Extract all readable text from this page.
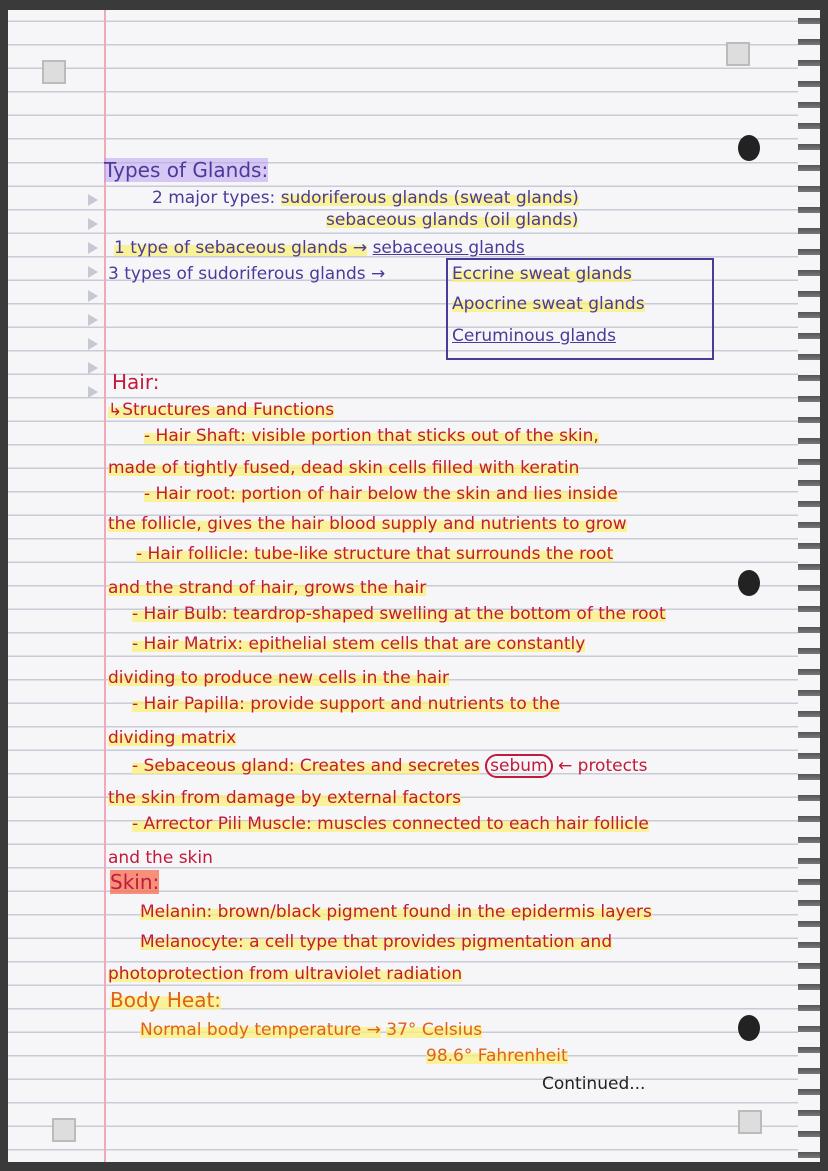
Types of Glands:
2 major types: sudoriferous glands (sweat glands)
sebaceous glands (oil glands)
1 type of sebaceous glands → sebaceous glands
3 types of sudoriferous glands →	Eccrine sweat glands
Apocrine sweat glands
Ceruminous glands
Hair:
↳Structures and Functions
- Hair Shaft: visible portion that sticks out of the skin,
made of tightly fused, dead skin cells filled with keratin
- Hair root: portion of hair below the skin and lies inside
the follicle, gives the hair blood supply and nutrients to grow
- Hair follicle: tube-like structure that surrounds the root
and the strand of hair, grows the hair
- Hair Bulb: teardrop-shaped swelling at the bottom of the root
- Hair Matrix: epithelial stem cells that are constantly
dividing to produce new cells in the hair
- Hair Papilla: provide support and nutrients to the
dividing matrix
- Sebaceous gland: Creates and secretes sebum ← protects
the skin from damage by external factors
- Arrector Pili Muscle: muscles connected to each hair follicle
and the skin
Skin:
Melanin: brown/black pigment found in the epidermis layers
Melanocyte: a cell type that provides pigmentation and
photoprotection from ultraviolet radiation
Body Heat:
Normal body temperature → 37° Celsius
98.6° Fahrenheit
Continued...
